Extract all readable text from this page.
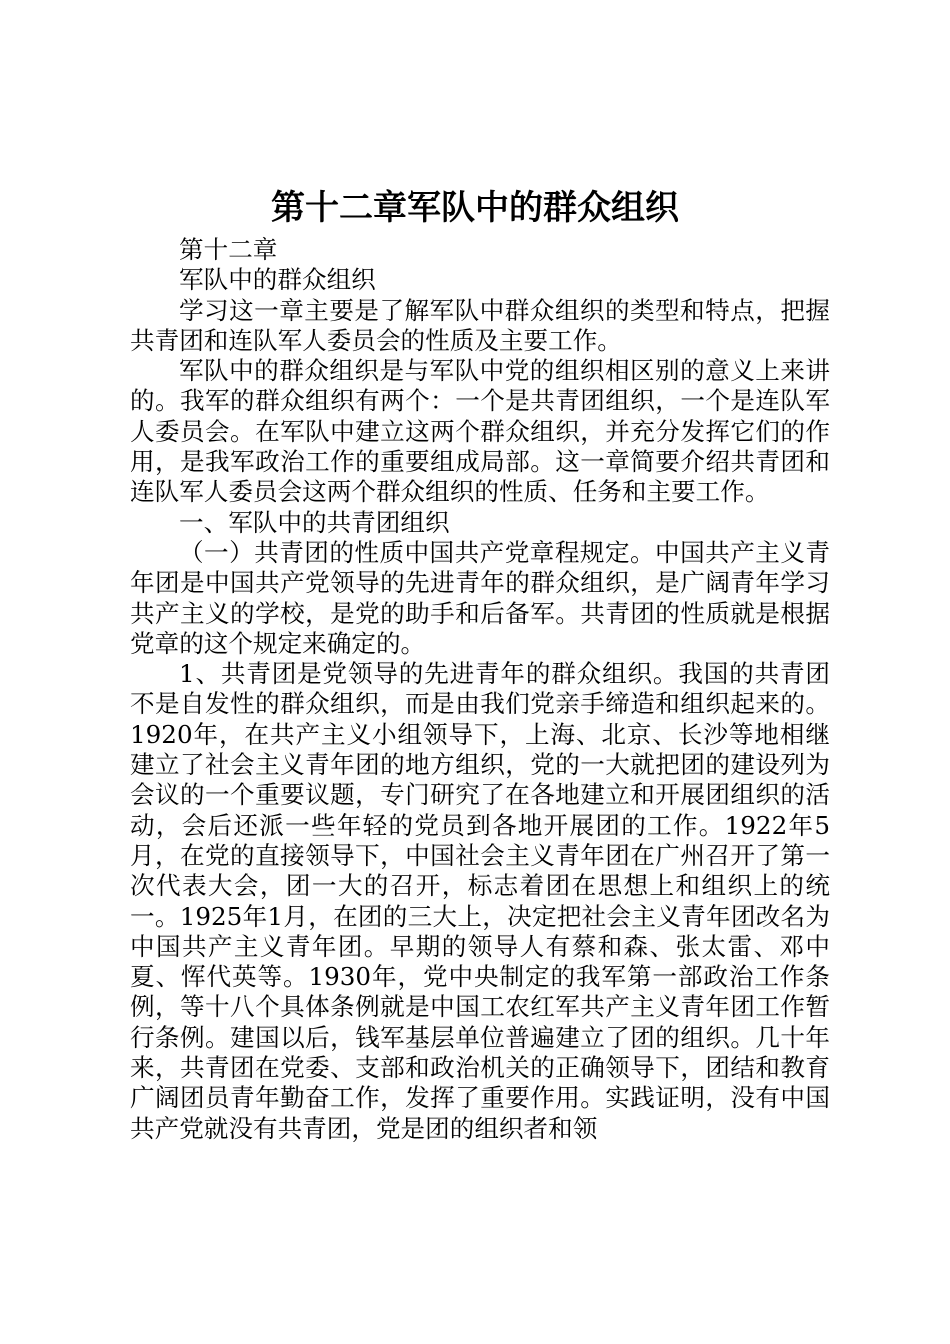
第十二章军队中的群众组织

第十二章

军队中的群众组织

学习这一章主要是了解军队中群众组织的类型和特点，把握共青团和连队军人委员会的性质及主要工作。

军队中的群众组织是与军队中党的组织相区别的意义上来讲的。我军的群众组织有两个：一个是共青团组织，一个是连队军人委员会。在军队中建立这两个群众组织，并充分发挥它们的作用，是我军政治工作的重要组成局部。这一章简要介绍共青团和连队军人委员会这两个群众组织的性质、任务和主要工作。

一、军队中的共青团组织

（一）共青团的性质中国共产党章程规定。中国共产主义青年团是中国共产党领导的先进青年的群众组织，是广阔青年学习共产主义的学校，是党的助手和后备军。共青团的性质就是根据党章的这个规定来确定的。

1、共青团是党领导的先进青年的群众组织。我国的共青团不是自发性的群众组织，而是由我们党亲手缔造和组织起来的。1920年，在共产主义小组领导下，上海、北京、长沙等地相继建立了社会主义青年团的地方组织，党的一大就把团的建设列为会议的一个重要议题，专门研究了在各地建立和开展团组织的活动，会后还派一些年轻的党员到各地开展团的工作。1922年5月，在党的直接领导下，中国社会主义青年团在广州召开了第一次代表大会，团一大的召开，标志着团在思想上和组织上的统一。1925年1月，在团的三大上，决定把社会主义青年团改名为中国共产主义青年团。早期的领导人有蔡和森、张太雷、邓中夏、恽代英等。1930年，党中央制定的我军第一部政治工作条例，等十八个具体条例就是中国工农红军共产主义青年团工作暂行条例。建国以后，钱军基层单位普遍建立了团的组织。几十年来，共青团在党委、支部和政治机关的正确领导下，团结和教育广阔团员青年勤奋工作，发挥了重要作用。实践证明，没有中国共产党就没有共青团，党是团的组织者和领
